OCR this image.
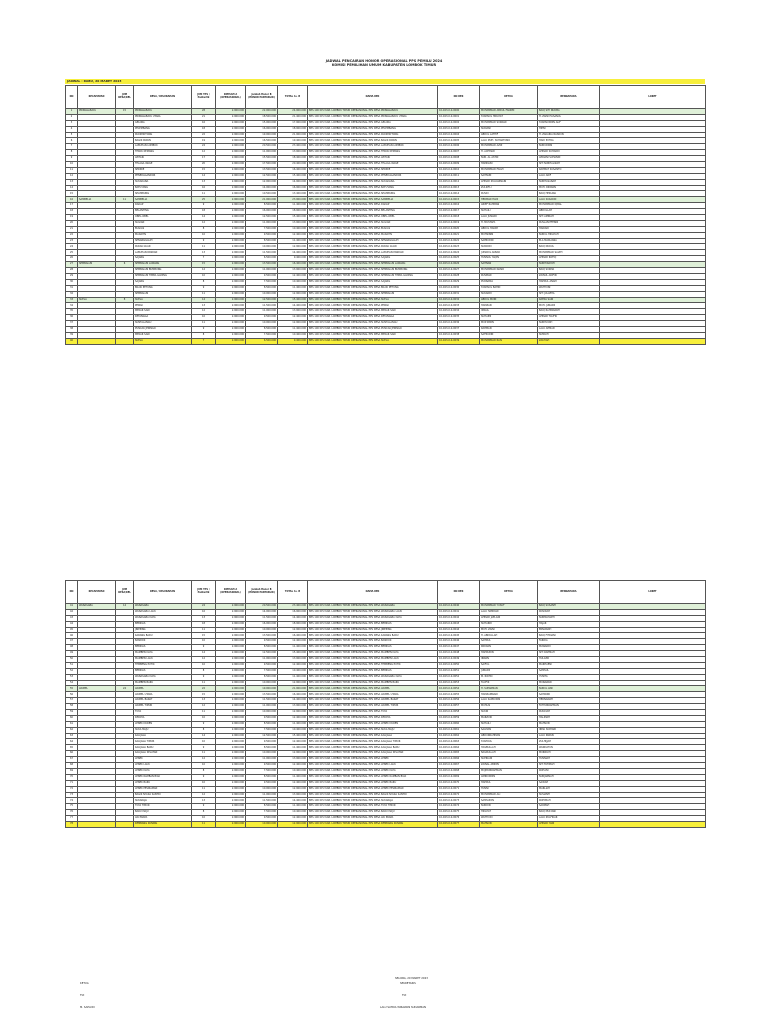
JADWAL PENCAIRAN HONOR OPERASIONAL PPS PEMILU 2024
KOMISI PEMILIHAN UMUM KABUPATEN LOMBOK TIMUR
JADWAL : RABU, 20 MARET 2023
NO	KECAMATAN	JUM DESA/KEL	DESA / KELURAHAN	JUM TPS / PantarlIk	DIPISAH A (OPERASIONAL)	Jumlah Honor B (HONOR PANTARLIK)	TOTAL A+ B	NAMA REK	NO REK	KETUA	BENDAHARA	LOKET
1	PRINGGABAYA	15	PRINGGABAYA	28	2.900.000	22.000.000	24.900.000	BPS 100 KPU KAB. LOMBOK TIMUR OPERASIONAL PPS DESA PRINGGABAYA	10-043-0-0-0000	MUHAMMAD ABDUL FAKRIM	BAIQ SITI NURMA	
2			PRINGGABAYA UTARA	21	2.900.000	18.500.000	21.400.000	BPS 100 KPU KAB. LOMBOK TIMUR OPERASIONAL PPS DESA PRINGGABAYA UTARA	10-043-0-0-0001	SYAMSUL HIDAYAT	H. ZAINI HASANUL	
3			GELORA	16	2.900.000	15.000.000	17.900.000	BPS 100 KPU KAB. LOMBOK TIMUR OPERASIONAL PPS DESA GELORA	10-043-0-0-0002	MUHAMMAD SUKRAN	SYAMSUDDIN ALIF	
4			PELEMBANG	18	2.900.000	16.000.000	18.900.000	BPS 100 KPU KAB. LOMBOK TIMUR OPERASIONAL PPS DESA PELEMBANG	10-043-0-0-0003	SURIANI	HIPNI	
5			PAOKMOTONG	22	2.900.000	19.000.000	21.900.000	BPS 100 KPU KAB. LOMBOK TIMUR OPERASIONAL PPS DESA PAOKMOTONG	10-043-0-0-0004	ABDUL LATHIF	H. ZAKARIA NASRUN	
6			BAGIK PAPAN	19	2.900.000	16.500.000	19.400.000	BPS 100 KPU KAB. LOMBOK TIMUR OPERASIONAL PPS DESA BAGIK PAPAN	10-043-0-0-0005	LALU MUH. SUHARTONO	HADI PUTRA	
7			LABUHAN LOMBOK	24	2.900.000	20.500.000	23.400.000	BPS 100 KPU KAB. LOMBOK TIMUR OPERASIONAL PPS DESA LABUHAN LOMBOK	10-043-0-0-0006	MUHAMMAD AZIZ	NURUDDIN	
8			TEKOK KEMANG	12	2.900.000	11.000.000	13.900.000	BPS 100 KPU KAB. LOMBOK TIMUR OPERASIONAL PPS DESA TEKOK KEMANG	10-043-0-0-0007	H. ACHMAD	AHMAD SUHARDI	
9			APITAIK	17	2.900.000	15.500.000	18.400.000	BPS 100 KPU KAB. LOMBOK TIMUR OPERASIONAL PPS DESA APITAIK	10-043-0-0-0008	NUR. AL ASTRI	APRIANI SUHANDI	
10			TELAGA WAGE	20	2.900.000	17.500.000	20.400.000	BPS 100 KPU KAB. LOMBOK TIMUR OPERASIONAL PPS DESA TELAGA WAGE	10-043-0-0-0009	HAMDANI	SITI NURHALIZAH	
11			SERIWE	15	2.900.000	13.500.000	16.400.000	BPS 100 KPU KAB. LOMBOK TIMUR OPERASIONAL PPS DESA SERIWE	10-043-0-0-0010	MUHAMMAD FAUZI	RAHMAT SUSANTO	
12			PENEDAGANDOR	14	2.900.000	12.500.000	15.400.000	BPS 100 KPU KAB. LOMBOK TIMUR OPERASIONAL PPS DESA PENEDAGANDOR	10-043-0-0-0011	SAHNUN	LALU ARIF	
13			SUKADANA	13	2.900.000	12.000.000	14.900.000	BPS 100 KPU KAB. LOMBOK TIMUR OPERASIONAL PPS DESA SUKADANA	10-043-0-0-0012	AHMAD ZULKARNAIN	NURHASANAH	
14			BATUYANG	16	2.900.000	14.000.000	16.900.000	BPS 100 KPU KAB. LOMBOK TIMUR OPERASIONAL PPS DESA BATUYANG	10-043-0-0-0013	ZULKIFLI	MUH. RIDWAN	
15			SELIMBUNG	11	2.900.000	10.500.000	13.400.000	BPS 100 KPU KAB. LOMBOK TIMUR OPERASIONAL PPS DESA SELIMBUNG	10-043-0-0-0014	RUSDI	BAIQ HERLINA	
16	SAMBELIA	11	SAMBELIA	25	2.900.000	21.000.000	23.900.000	BPS 100 KPU KAB. LOMBOK TIMUR OPERASIONAL PPS DESA SAMBELIA	10-043-0-0-0015	HERMAN HADI	LALU SUKARDI	
17			DADAP	9	2.900.000	8.500.000	11.400.000	BPS 100 KPU KAB. LOMBOK TIMUR OPERASIONAL PPS DESA DADAP	10-043-0-0-0016	ARIEF RAHMAN	MUHAMMAD IQBAL	
18			BELANTING	18	2.900.000	16.000.000	18.900.000	BPS 100 KPU KAB. LOMBOK TIMUR OPERASIONAL PPS DESA BELANTING	10-043-0-0-0017	SUHAILI	ABDULLAH	
19			OBEL-OBEL	14	2.900.000	12.500.000	15.400.000	BPS 100 KPU KAB. LOMBOK TIMUR OPERASIONAL PPS DESA OBEL-OBEL	10-043-0-0-0018	LALU JUNAIDI	SITI AMINAH	
20			SUGIAN	12	2.900.000	11.000.000	13.900.000	BPS 100 KPU KAB. LOMBOK TIMUR OPERASIONAL PPS DESA SUGIAN	10-043-0-0-0019	H. MUSTAFA	RUSLAN EFENDI	
21			BUGIAS	8	2.900.000	7.500.000	10.400.000	BPS 100 KPU KAB. LOMBOK TIMUR OPERASIONAL PPS DESA BUGIAS	10-043-0-0-0020	ABDUL HAKIM	HARIADI	
22			MADAYIN	10	2.900.000	9.500.000	12.400.000	BPS 100 KPU KAB. LOMBOK TIMUR OPERASIONAL PPS DESA MADAYIN	10-043-0-0-0021	MUHSININ	NURUL HIDAYAH	
23			SENANGGALIH	9	2.900.000	8.500.000	11.400.000	BPS 100 KPU KAB. LOMBOK TIMUR OPERASIONAL PPS DESA SENANGGALIH	10-043-0-0-0022	SAPRUDIN	ELA MARLIANA	
24			PADAK GUAR	11	2.900.000	10.000.000	12.900.000	BPS 100 KPU KAB. LOMBOK TIMUR OPERASIONAL PPS DESA PADAK GUAR	10-043-0-0-0023	SUPARDI	BAIQ NURUL	
25			LABUHAN PANDAN	13	2.900.000	11.500.000	14.400.000	BPS 100 KPU KAB. LOMBOK TIMUR OPERASIONAL PPS DESA LABUHAN PANDAN	10-043-0-0-0024	JUMADIL AKBAR	MUHAMMAD SALEH	
26			SAJANG	7	2.900.000	6.500.000	9.400.000	BPS 100 KPU KAB. LOMBOK TIMUR OPERASIONAL PPS DESA SAJANG	10-043-0-0-0025	HUSNUL YAQIN	AHMAD ROFIQ	
27	SEMBALUN	6	SEMBALUN LAWANG	15	2.900.000	13.500.000	16.400.000	BPS 100 KPU KAB. LOMBOK TIMUR OPERASIONAL PPS DESA SEMBALUN LAWANG	10-043-0-0-0026	SAHNAN	NURHIDAYATI	
28			SEMBALUN BUMBUNG	12	2.900.000	11.000.000	13.900.000	BPS 100 KPU KAB. LOMBOK TIMUR OPERASIONAL PPS DESA SEMBALUN BUMBUNG	10-043-0-0-0027	MUHAMMAD NASIR	BAIQ SUKMA	
29			SEMBALUN TIMBA GADING	10	2.900.000	9.500.000	12.400.000	BPS 100 KPU KAB. LOMBOK TIMUR OPERASIONAL PPS DESA SEMBALUN TIMBA GADING	10-043-0-0-0028	RUSMAN	ZAINUL ARIFIN	
30			SAJANG	8	2.900.000	7.500.000	10.400.000	BPS 100 KPU KAB. LOMBOK TIMUR OPERASIONAL PPS DESA SAJANG	10-043-0-0-0029	PURNAMA	HAERUL ANAM	
31			BILOK PETUNG	9	2.900.000	8.500.000	11.400.000	BPS 100 KPU KAB. LOMBOK TIMUR OPERASIONAL PPS DESA BILOK PETUNG	10-043-0-0-0030	SYAMSUL BAHRI	WAHYUNI	
32			SEMBALUN	11	2.900.000	10.000.000	12.900.000	BPS 100 KPU KAB. LOMBOK TIMUR OPERASIONAL PPS DESA SEMBALUN	10-043-0-0-0031	SUKARDI	SITI JULAEHA	
33	SUELA	8	SUELA	14	2.900.000	12.500.000	15.400.000	BPS 100 KPU KAB. LOMBOK TIMUR OPERASIONAL PPS DESA SUELA	10-043-0-0-0032	ABDUL MUIN	RATNA SARI	
34			PERIGI	13	2.900.000	11.500.000	14.400.000	BPS 100 KPU KAB. LOMBOK TIMUR OPERASIONAL PPS DESA PERIGI	10-043-0-0-0033	HAMZAN	MUH. JUNAIDI	
35			MEKAR SARI	12	2.900.000	11.000.000	13.900.000	BPS 100 KPU KAB. LOMBOK TIMUR OPERASIONAL PPS DESA MEKAR SARI	10-043-0-0-0034	ISMAIL	BAIQ RAHMAWATI	
36			KETANGGA	10	2.900.000	9.500.000	12.400.000	BPS 100 KPU KAB. LOMBOK TIMUR OPERASIONAL PPS DESA KETANGGA	10-043-0-0-0035	SUHAIMI	AHMAD TAUFIK	
37			SUNTALANGU	11	2.900.000	10.000.000	12.900.000	BPS 100 KPU KAB. LOMBOK TIMUR OPERASIONAL PPS DESA SUNTALANGU	10-043-0-0-0036	MUSTAMIN	NURHAYATI	
38			PUNCAK JERINGO	9	2.900.000	8.500.000	11.400.000	BPS 100 KPU KAB. LOMBOK TIMUR OPERASIONAL PPS DESA PUNCAK JERINGO	10-043-0-0-0037	RAHMAN	LALU AHMAD	
39			MEKAR SARI	8	2.900.000	7.500.000	10.400.000	BPS 100 KPU KAB. LOMBOK TIMUR OPERASIONAL PPS DESA MEKAR SARI	10-043-0-0-0038	SAFRUDIN	SUMIATI	
40			SUELA	7	2.900.000	6.500.000	9.400.000	BPS 100 KPU KAB. LOMBOK TIMUR OPERASIONAL PPS DESA SUELA	10-043-0-0-0039	MUHAMMAD RAIS	ZAKIYAH	
NO	KECAMATAN	JUM DESA/KEL	DESA / KELURAHAN	JUM TPS / PantarlIk	DIPISAH A (OPERASIONAL)	Jumlah Honor B (HONOR PANTARLIK)	TOTAL A+ B	NAMA REK	NO REK	KETUA	BENDAHARA	LOKET
41	WANASABA	14	WANASABA	24	2.900.000	20.500.000	23.400.000	BPS 100 KPU KAB. LOMBOK TIMUR OPERASIONAL PPS DESA WANASABA	10-043-0-0-0040	MUHAMMAD YUSUF	BAIQ SUSANTI	
42			WANASABA LAUK	16	2.900.000	14.000.000	16.900.000	BPS 100 KPU KAB. LOMBOK TIMUR OPERASIONAL PPS DESA WANASABA LAUK	10-043-0-0-0041	LALU HAMDAN	ROSIDAH	
43			WANASABA DAYA	13	2.900.000	11.500.000	14.400.000	BPS 100 KPU KAB. LOMBOK TIMUR OPERASIONAL PPS DESA WANASABA DAYA	10-043-0-0-0042	AHMAD JAELANI	NURMAYANTI	
44			BEBIDAS	18	2.900.000	16.000.000	18.900.000	BPS 100 KPU KAB. LOMBOK TIMUR OPERASIONAL PPS DESA BEBIDAS	10-043-0-0-0043	SUHARDI	HAJAR	
45			JINEPING	11	2.900.000	10.000.000	12.900.000	BPS 100 KPU KAB. LOMBOK TIMUR OPERASIONAL PPS DESA JINEPING	10-043-0-0-0044	MUH. ZAINI	ERNAWATI	
46			KARANG BARU	15	2.900.000	13.500.000	16.400.000	BPS 100 KPU KAB. LOMBOK TIMUR OPERASIONAL PPS DESA KARANG BARU	10-043-0-0-0045	H. ABDULLAH	BAIQ FITRIANI	
47			BANDOK	10	2.900.000	9.500.000	12.400.000	BPS 100 KPU KAB. LOMBOK TIMUR OPERASIONAL PPS DESA BANDOK	10-043-0-0-0046	SAHRUL	FARIDA	
48			BEBIDAS	9	2.900.000	8.500.000	11.400.000	BPS 100 KPU KAB. LOMBOK TIMUR OPERASIONAL PPS DESA BEBIDAS	10-043-0-0-0047	RIDWAN	MAWARDI	
49			MAMBEN DAYA	14	2.900.000	12.500.000	15.400.000	BPS 100 KPU KAB. LOMBOK TIMUR OPERASIONAL PPS DESA MAMBEN DAYA	10-043-0-0-0048	HAERUDIN	SITI RAHMAH	
50			MAMBEN LAUK	12	2.900.000	11.000.000	13.900.000	BPS 100 KPU KAB. LOMBOK TIMUR OPERASIONAL PPS DESA MAMBEN LAUK	10-043-0-0-0049	IRWAN	HULAIMI	
51			TEMBENG PUTIK	10	2.900.000	9.500.000	12.400.000	BPS 100 KPU KAB. LOMBOK TIMUR OPERASIONAL PPS DESA TEMBENG PUTIK	10-043-0-0-0050	SAIFUL	MARHAENI	
52			BEBIDAS	8	2.900.000	7.500.000	10.400.000	BPS 100 KPU KAB. LOMBOK TIMUR OPERASIONAL PPS DESA BEBIDAS	10-043-0-0-0051	JUNAIDI	SAMSUL	
53			WANASABA DAYA	9	2.900.000	8.500.000	11.400.000	BPS 100 KPU KAB. LOMBOK TIMUR OPERASIONAL PPS DESA WANASABA DAYA	10-043-0-0-0052	M. RIDHO	YUNITA	
54			MAMBEN BARU	11	2.900.000	10.000.000	12.900.000	BPS 100 KPU KAB. LOMBOK TIMUR OPERASIONAL PPS DESA MAMBEN BARU	10-043-0-0-0053	TAUFIK	MUNAWAR	
55	AIKMEL	24	AIKMEL	22	2.900.000	19.000.000	21.900.000	BPS 100 KPU KAB. LOMBOK TIMUR OPERASIONAL PPS DESA AIKMEL	10-043-0-0-0054	H. SUPARMAN	NURUL AINI	
56			AIKMEL UTARA	15	2.900.000	13.500.000	16.400.000	BPS 100 KPU KAB. LOMBOK TIMUR OPERASIONAL PPS DESA AIKMEL UTARA	10-043-0-0-0055	HAMZANWADI	SAHRONI	
57			AIKMEL BARAT	13	2.900.000	11.500.000	14.400.000	BPS 100 KPU KAB. LOMBOK TIMUR OPERASIONAL PPS DESA AIKMEL BARAT	10-043-0-0-0056	LALU SAPRUDIN	HERNAWATI	
58			AIKMEL TIMUR	12	2.900.000	11.000.000	13.900.000	BPS 100 KPU KAB. LOMBOK TIMUR OPERASIONAL PPS DESA AIKMEL TIMUR	10-043-0-0-0057	MUHLIS	FATHURRAHMAN	
59			TOYA	11	2.900.000	10.000.000	12.900.000	BPS 100 KPU KAB. LOMBOK TIMUR OPERASIONAL PPS DESA TOYA	10-043-0-0-0058	SUKRI	RUKAYAH	
60			KEROYA	10	2.900.000	9.500.000	12.400.000	BPS 100 KPU KAB. LOMBOK TIMUR OPERASIONAL PPS DESA KEROYA	10-043-0-0-0059	MARZUKI	HALIMAH	
61			LENEK DUREN	9	2.900.000	8.500.000	11.400.000	BPS 100 KPU KAB. LOMBOK TIMUR OPERASIONAL PPS DESA LENEK DUREN	10-043-0-0-0060	SUHAILI	MAHSUN	
62			SUKA MAJU	8	2.900.000	7.500.000	10.400.000	BPS 100 KPU KAB. LOMBOK TIMUR OPERASIONAL PPS DESA SUKA MAJU	10-043-0-0-0061	SALMAN	IRMA SURYANI	
63			KALIJAGA	14	2.900.000	12.500.000	15.400.000	BPS 100 KPU KAB. LOMBOK TIMUR OPERASIONAL PPS DESA KALIJAGA	10-043-0-0-0062	ABDURRAHMAN	LALU IRWAN	
64			KALIJAGA TIMUR	10	2.900.000	9.500.000	12.400.000	BPS 100 KPU KAB. LOMBOK TIMUR OPERASIONAL PPS DESA KALIJAGA TIMUR	10-043-0-0-0063	SYAHRUL	ZULHIJJAH	
65			KALIJAGA BARU	9	2.900.000	8.500.000	11.400.000	BPS 100 KPU KAB. LOMBOK TIMUR OPERASIONAL PPS DESA KALIJAGA BARU	10-043-0-0-0064	HASBULLAH	WARDATUN	
66			KALIJAGA SELATAN	11	2.900.000	10.000.000	12.900.000	BPS 100 KPU KAB. LOMBOK TIMUR OPERASIONAL PPS DESA KALIJAGA SELATAN	10-043-0-0-0065	NASRULLAH	MURNIATI	
67			LENEK	12	2.900.000	11.000.000	13.900.000	BPS 100 KPU KAB. LOMBOK TIMUR OPERASIONAL PPS DESA LENEK	10-043-0-0-0066	SUPRIADI	HUSNIAH	
68			LENEK LAUK	10	2.900.000	9.500.000	12.400.000	BPS 100 KPU KAB. LOMBOK TIMUR OPERASIONAL PPS DESA LENEK LAUK	10-043-0-0-0067	ZAINAL ABIDIN	SITI FATIMAH	
69			LENEK DAYA	8	2.900.000	7.500.000	10.400.000	BPS 100 KPU KAB. LOMBOK TIMUR OPERASIONAL PPS DESA LENEK DAYA	10-043-0-0-0068	MUJIBURRAHMAN	ROHANI	
70			LENEK RAMBAN BIAK	9	2.900.000	8.500.000	11.400.000	BPS 100 KPU KAB. LOMBOK TIMUR OPERASIONAL PPS DESA LENEK RAMBAN BIAK	10-043-0-0-0069	AMIRUDDIN	NURJANNAH	
71			LENEK BARU	10	2.900.000	9.500.000	12.400.000	BPS 100 KPU KAB. LOMBOK TIMUR OPERASIONAL PPS DESA LENEK BARU	10-043-0-0-0070	HAERUL	SAIDAH	
72			LENEK PESIRAMAN	11	2.900.000	10.000.000	12.900.000	BPS 100 KPU KAB. LOMBOK TIMUR OPERASIONAL PPS DESA LENEK PESIRAMAN	10-043-0-0-0071	HUSNI	MARLIAH	
73			BAGIK NYAKA SANTRI	12	2.900.000	11.000.000	13.900.000	BPS 100 KPU KAB. LOMBOK TIMUR OPERASIONAL PPS DESA BAGIK NYAKA SANTRI	10-043-0-0-0072	MUHAMMAD ALI	SUSIANTI	
74			SUKARAJA	13	2.900.000	11.500.000	14.400.000	BPS 100 KPU KAB. LOMBOK TIMUR OPERASIONAL PPS DESA SUKARAJA	10-043-0-0-0073	SAMSUDIN	ROHIMAH	
75			TOYA TIMUR	9	2.900.000	8.500.000	11.400.000	BPS 100 KPU KAB. LOMBOK TIMUR OPERASIONAL PPS DESA TOYA TIMUR	10-043-0-0-0074	NURDIN	SARIPAH	
76			BARU MAJU	8	2.900.000	7.500.000	10.400.000	BPS 100 KPU KAB. LOMBOK TIMUR OPERASIONAL PPS DESA BARU MAJU	10-043-0-0-0075	HIDAYAT	BAIQ MULYANI	
77			AIK PRAPA	10	2.900.000	9.500.000	12.400.000	BPS 100 KPU KAB. LOMBOK TIMUR OPERASIONAL PPS DESA AIK PRAPA	10-043-0-0-0076	WAHYUDI	LALU ZULFIKAR	
78			KEMBANG KUNING	11	2.900.000	10.000.000	12.900.000	BPS 100 KPU KAB. LOMBOK TIMUR OPERASIONAL PPS DESA KEMBANG KUNING	10-043-0-0-0077	MAHSUN	AHMAD YANI	
SELONG, 20 MARET 2023
KETUA	SEKRETARIS
Ttd	Ttd
M. SAHAIDI	LALU SATRIA WIRAWAN SUDARMAN
